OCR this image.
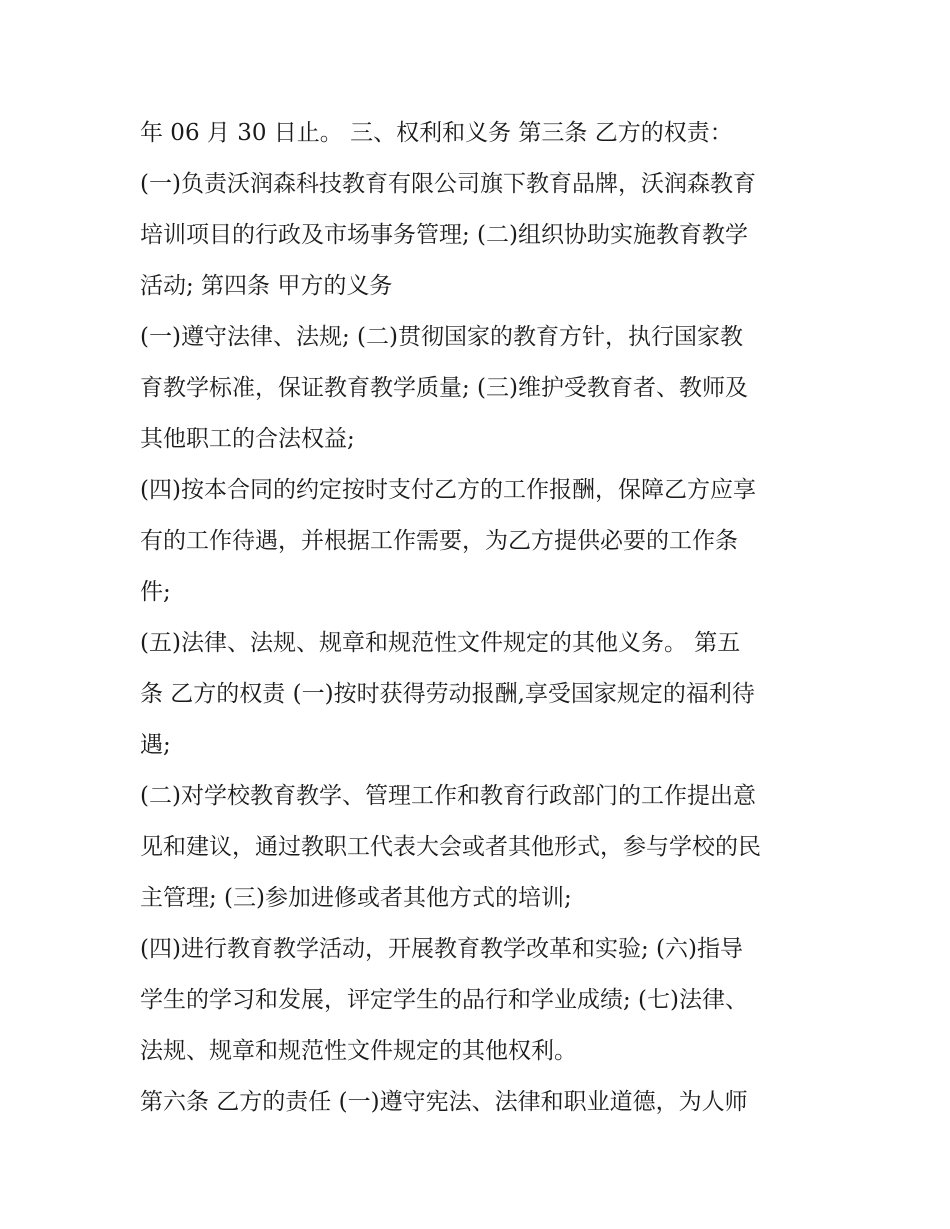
年 06 月 30 日止。 三、权利和义务 第三条 乙方的权责：
(一)负责沃润森科技教育有限公司旗下教育品牌，沃润森教育
培训项目的行政及市场事务管理; (二)组织协助实施教育教学
活动; 第四条 甲方的义务
(一)遵守法律、法规; (二)贯彻国家的教育方针，执行国家教
育教学标准，保证教育教学质量; (三)维护受教育者、教师及
其他职工的合法权益;
(四)按本合同的约定按时支付乙方的工作报酬，保障乙方应享
有的工作待遇，并根据工作需要，为乙方提供必要的工作条
件;
(五)法律、法规、规章和规范性文件规定的其他义务。 第五
条 乙方的权责 (一)按时获得劳动报酬,享受国家规定的福利待
遇;
(二)对学校教育教学、管理工作和教育行政部门的工作提出意
见和建议，通过教职工代表大会或者其他形式，参与学校的民
主管理; (三)参加进修或者其他方式的培训;
(四)进行教育教学活动，开展教育教学改革和实验; (六)指导
学生的学习和发展，评定学生的品行和学业成绩; (七)法律、
法规、规章和规范性文件规定的其他权利。
第六条 乙方的责任 (一)遵守宪法、法律和职业道德，为人师
